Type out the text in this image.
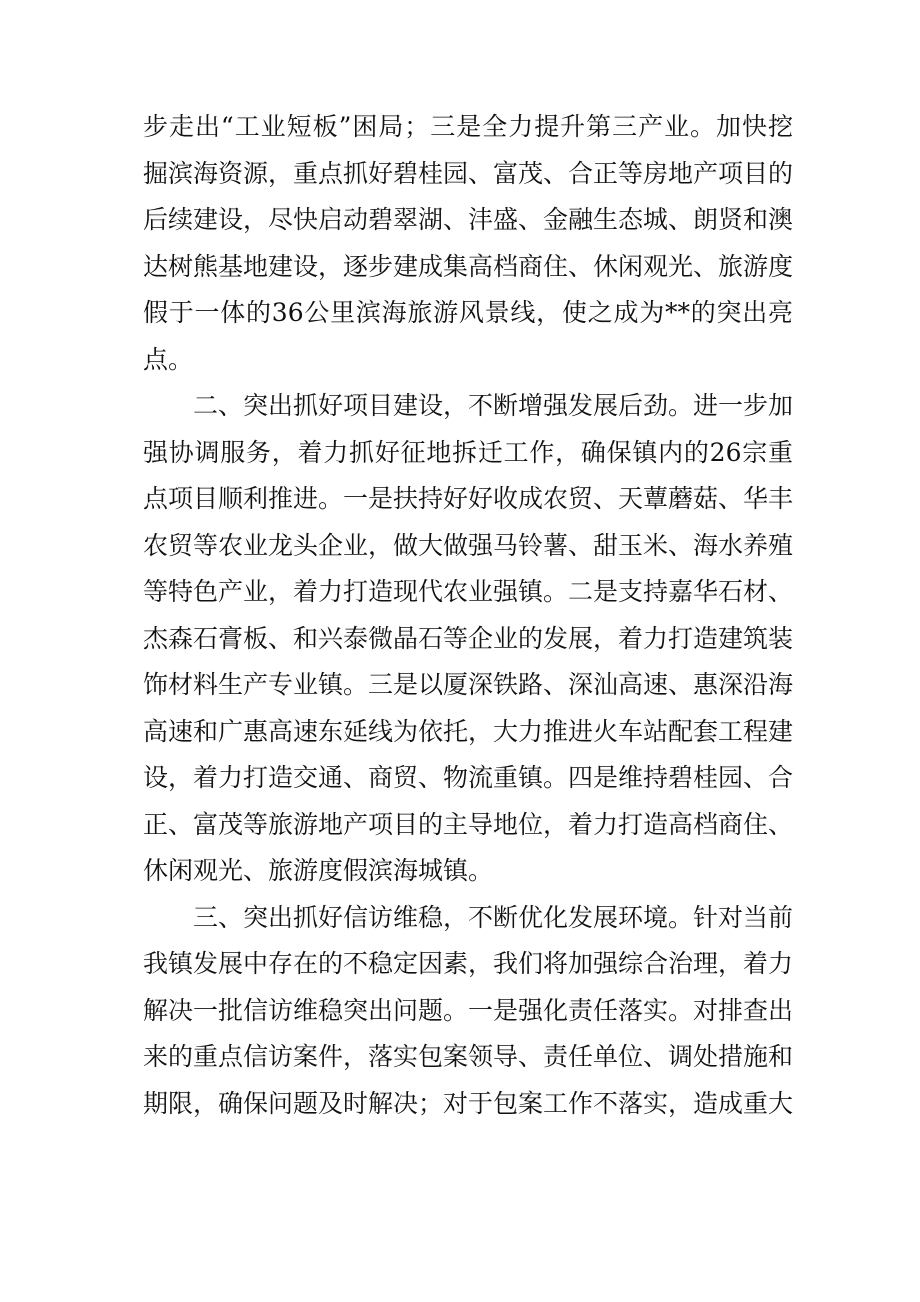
步走出“工业短板”困局；三是全力提升第三产业。加快挖
掘滨海资源，重点抓好碧桂园、富茂、合正等房地产项目的
后续建设，尽快启动碧翠湖、沣盛、金融生态城、朗贤和澳
达树熊基地建设，逐步建成集高档商住、休闲观光、旅游度
假于一体的36公里滨海旅游风景线，使之成为**的突出亮
点。
二、突出抓好项目建设，不断增强发展后劲。进一步加
强协调服务，着力抓好征地拆迁工作，确保镇内的26宗重
点项目顺利推进。一是扶持好好收成农贸、天蕈蘑菇、华丰
农贸等农业龙头企业，做大做强马铃薯、甜玉米、海水养殖
等特色产业，着力打造现代农业强镇。二是支持嘉华石材、
杰森石膏板、和兴泰微晶石等企业的发展，着力打造建筑装
饰材料生产专业镇。三是以厦深铁路、深汕高速、惠深沿海
高速和广惠高速东延线为依托，大力推进火车站配套工程建
设，着力打造交通、商贸、物流重镇。四是维持碧桂园、合
正、富茂等旅游地产项目的主导地位，着力打造高档商住、
休闲观光、旅游度假滨海城镇。
三、突出抓好信访维稳，不断优化发展环境。针对当前
我镇发展中存在的不稳定因素，我们将加强综合治理，着力
解决一批信访维稳突出问题。一是强化责任落实。对排查出
来的重点信访案件，落实包案领导、责任单位、调处措施和
期限，确保问题及时解决；对于包案工作不落实，造成重大
